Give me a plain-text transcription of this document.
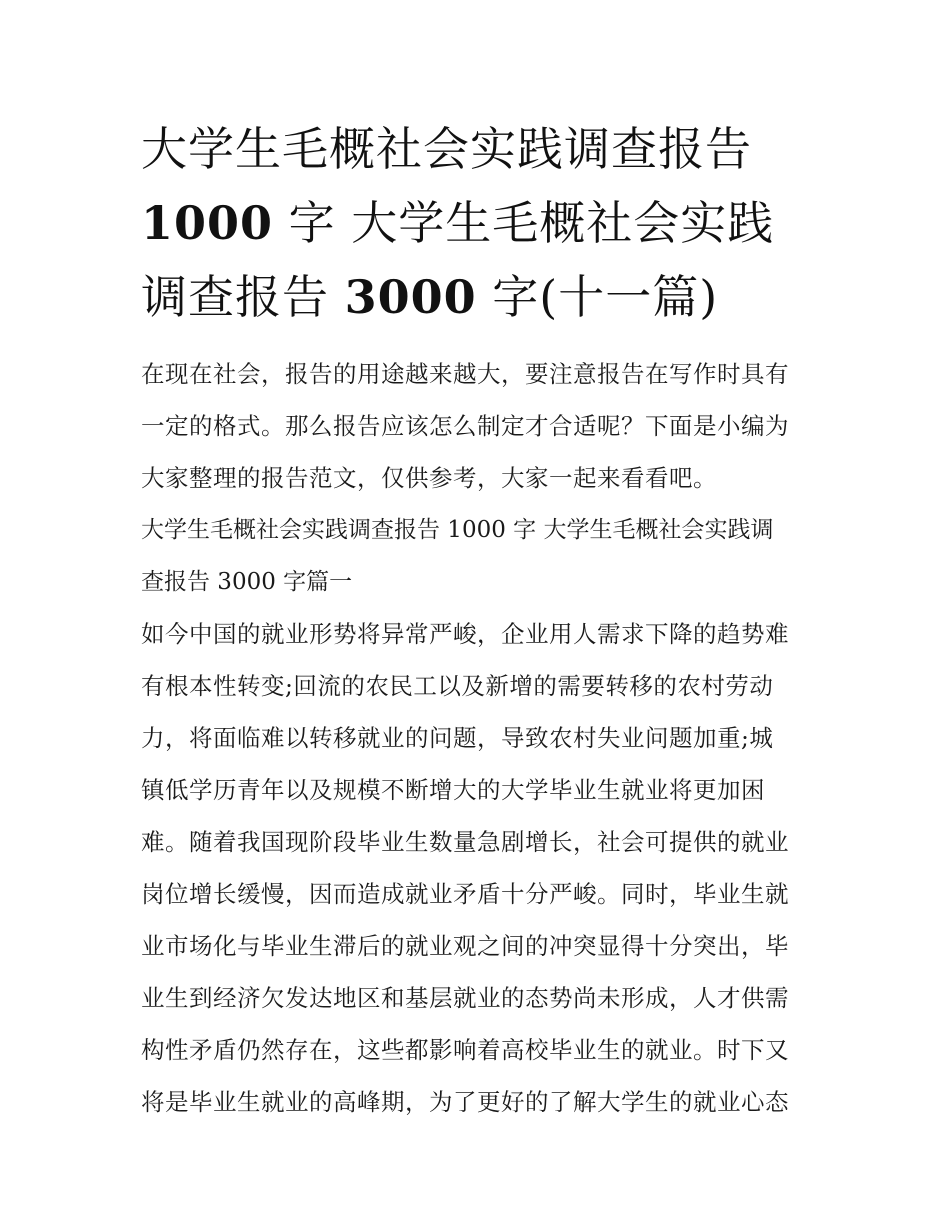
大学生毛概社会实践调查报告
1000 字 大学生毛概社会实践
调查报告 3000 字(十一篇)

在现在社会，报告的用途越来越大，要注意报告在写作时具有
一定的格式。那么报告应该怎么制定才合适呢？下面是小编为
大家整理的报告范文，仅供参考，大家一起来看看吧。

大学生毛概社会实践调查报告 1000 字 大学生毛概社会实践调
查报告 3000 字篇一

如今中国的就业形势将异常严峻，企业用人需求下降的趋势难
有根本性转变;回流的农民工以及新增的需要转移的农村劳动
力，将面临难以转移就业的问题，导致农村失业问题加重;城
镇低学历青年以及规模不断增大的大学毕业生就业将更加困
难。随着我国现阶段毕业生数量急剧增长，社会可提供的就业
岗位增长缓慢，因而造成就业矛盾十分严峻。同时，毕业生就
业市场化与毕业生滞后的就业观之间的冲突显得十分突出，毕
业生到经济欠发达地区和基层就业的态势尚未形成，人才供需
构性矛盾仍然存在，这些都影响着高校毕业生的就业。时下又
将是毕业生就业的高峰期，为了更好的了解大学生的就业心态
